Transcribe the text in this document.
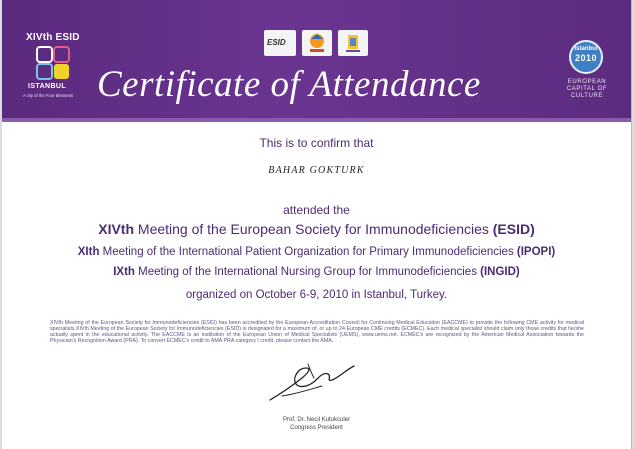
XIVth ESID
ISTANBUL
A city of the Four Elements
ESID
Certificate of Attendance
İstanbul
2010
EUROPEAN
CAPITAL OF
CULTURE
This is to confirm that
BAHAR GOKTURK
attended the
XIVth Meeting of the European Society for Immunodeficiencies (ESID)
XIth Meeting of the International Patient Organization for Primary Immunodeficiencies (IPOPI)
IXth Meeting of the International Nursing Group for Immunodeficiencies (INGID)
organized on October 6-9, 2010 in Istanbul, Turkey.
XIVth Meeting of the European Society for Immunodeficiencies (ESID) has been accredited by the European Accreditation Council for Continuing Medical Education (EACCME) to provide the following CME activity for medical specialists.XIVth Meeting of the European Society for Immunodeficiencies (ESID) is designated for a maximum of, or up to 24 European CME credits (ECMEC). Each medical specialist should claim only those credits that he/she actually spent in the educational activity. The EACCME is an institution of the European Union of Medical Specialists (UEMS), www.uems.net. ECMEC's are recognized by the American Medical Association towards the Physician's Recognition Award (PRA). To convert ECMEC's credit to AMA PRA category I credit, please contact the AMA.
Prof. Dr. Necil Kutukculer
Congress President
